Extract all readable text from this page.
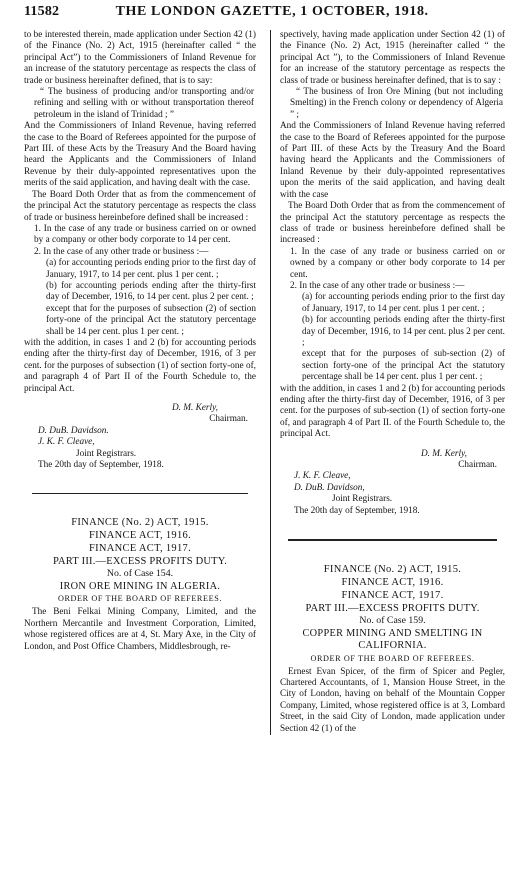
11582	THE LONDON GAZETTE, 1 OCTOBER, 1918.

to be interested therein, made application under Section 42 (1) of the Finance (No. 2) Act, 1915 (hereinafter called “ the principal Act”) to the Commissioners of Inland Revenue for an increase of the statutory percentage as respects the class of trade or business hereinafter defined, that is to say:

“ The business of producing and/or transporting and/or refining and selling with or without transportation thereof petroleum in the island of Trinidad ; ”

And the Commissioners of Inland Revenue, having referred the case to the Board of Referees appointed for the purpose of Part III. of these Acts by the Treasury And the Board having heard the Applicants and the Commissioners of Inland Revenue by their duly-appointed representatives upon the merits of the said application, and having dealt with the case.

The Board Doth Order that as from the commencement of the principal Act the statutory percentage as respects the class of trade or business hereinbefore defined shall be increased :

1. In the case of any trade or business carried on or owned by a company or other body corporate to 14 per cent.

2. In the case of any other trade or business :—

(a) for accounting periods ending prior to the first day of January, 1917, to 14 per cent. plus 1 per cent. ;

(b) for accounting periods ending after the thirty-first day of December, 1916, to 14 per cent. plus 2 per cent. ;

except that for the purposes of subsection (2) of section forty-one of the principal Act the statutory percentage shall be 14 per cent. plus 1 per cent. ;

with the addition, in cases 1 and 2 (b) for accounting periods ending after the thirty-first day of December, 1916, of 3 per cent. for the purposes of subsection (1) of section forty-one of, and paragraph 4 of Part II of the Fourth Schedule to, the principal Act.

D. M. Kerly,
Chairman.
D. DuB. Davidson.
J. K. F. Cleave,
Joint Registrars.
The 20th day of September, 1918.
FINANCE (No. 2) ACT, 1915.
FINANCE ACT, 1916.
FINANCE ACT, 1917.
PART III.—EXCESS PROFITS DUTY.
No. of Case 154.
IRON ORE MINING IN ALGERIA.
ORDER OF THE BOARD OF REFEREES.

The Beni Felkai Mining Company, Limited, and the Northern Mercantile and Investment Corporation, Limited, whose registered offices are at 4, St. Mary Axe, in the City of London, and Post Office Chambers, Middlesbrough, re-

spectively, having made application under Section 42 (1) of the Finance (No. 2) Act, 1915 (hereinafter called “ the principal Act ”), to the Commissioners of Inland Revenue for an increase of the statutory percentage as respects the class of trade or business hereinafter defined, that is to say :

“ The business of Iron Ore Mining (but not including Smelting) in the French colony or dependency of Algeria ” ;

And the Commissioners of Inland Revenue having referred the case to the Board of Referees appointed for the purpose of Part III. of these Acts by the Treasury And the Board having heard the Applicants and the Commissioners of Inland Revenue by their duly-appointed representatives upon the merits of the said application, and having dealt with the case

The Board Doth Order that as from the commencement of the principal Act the statutory percentage as respects the class of trade or business hereinbefore defined shall be increased :

1. In the case of any trade or business carried on or owned by a company or other body corporate to 14 per cent.

2. In the case of any other trade or business :—

(a) for accounting periods ending prior to the first day of January, 1917, to 14 per cent. plus 1 per cent. ;

(b) for accounting periods ending after the thirty-first day of December, 1916, to 14 per cent. plus 2 per cent. ;

except that for the purposes of sub-section (2) of section forty-one of the principal Act the statutory percentage shall be 14 per cent. plus 1 per cent. ;

with the addition, in cases 1 and 2 (b) for accounting periods ending after the thirty-first day of December, 1916, of 3 per cent. for the purposes of sub-section (1) of section forty-one of, and paragraph 4 of Part II. of the Fourth Schedule to, the principal Act.

D. M. Kerly,
Chairman.
J. K. F. Cleave,
D. DuB. Davidson,
Joint Registrars.
The 20th day of September, 1918.
FINANCE (No. 2) ACT, 1915.
FINANCE ACT, 1916.
FINANCE ACT, 1917.
PART III.—EXCESS PROFITS DUTY.
No. of Case 159.
COPPER MINING AND SMELTING IN CALIFORNIA.
ORDER OF THE BOARD OF REFEREES.

Ernest Evan Spicer, of the firm of Spicer and Pegler, Chartered Accountants, of 1, Mansion House Street, in the City of London, having on behalf of the Mountain Copper Company, Limited, whose registered office is at 3, Lombard Street, in the said City of London, made application under Section 42 (1) of the
